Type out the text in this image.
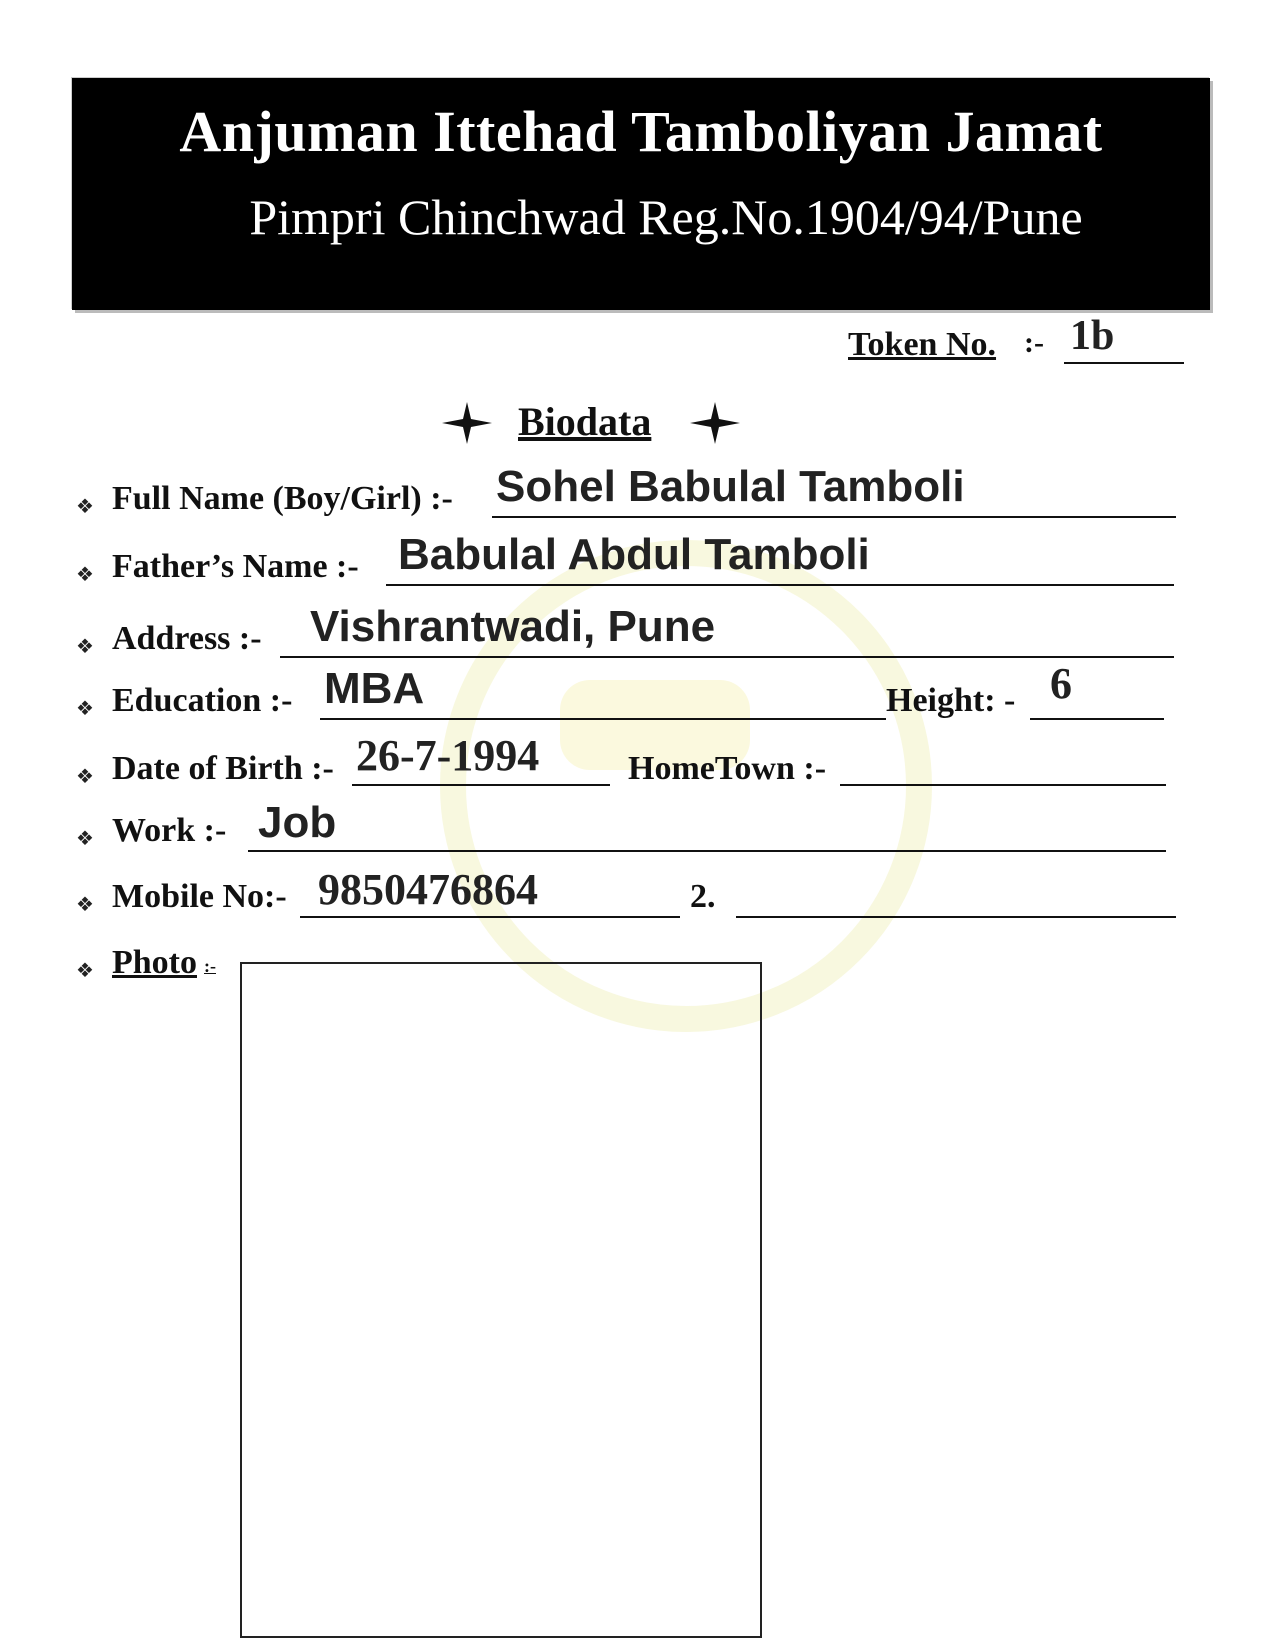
Anjuman Ittehad Tamboliyan Jamat
Pimpri Chinchwad Reg.No.1904/94/Pune
Token No. :- 1b
Biodata
❖ Full Name (Boy/Girl) :- Sohel Babulal Tamboli
❖ Father’s Name :- Babulal Abdul Tamboli
❖ Address :- Vishrantwadi, Pune
❖ Education :- MBA	Height: - 6
❖ Date of Birth :- 26-7-1994	HomeTown :-
❖ Work :- Job
❖ Mobile No:- 9850476864	2.
❖ Photo :-
